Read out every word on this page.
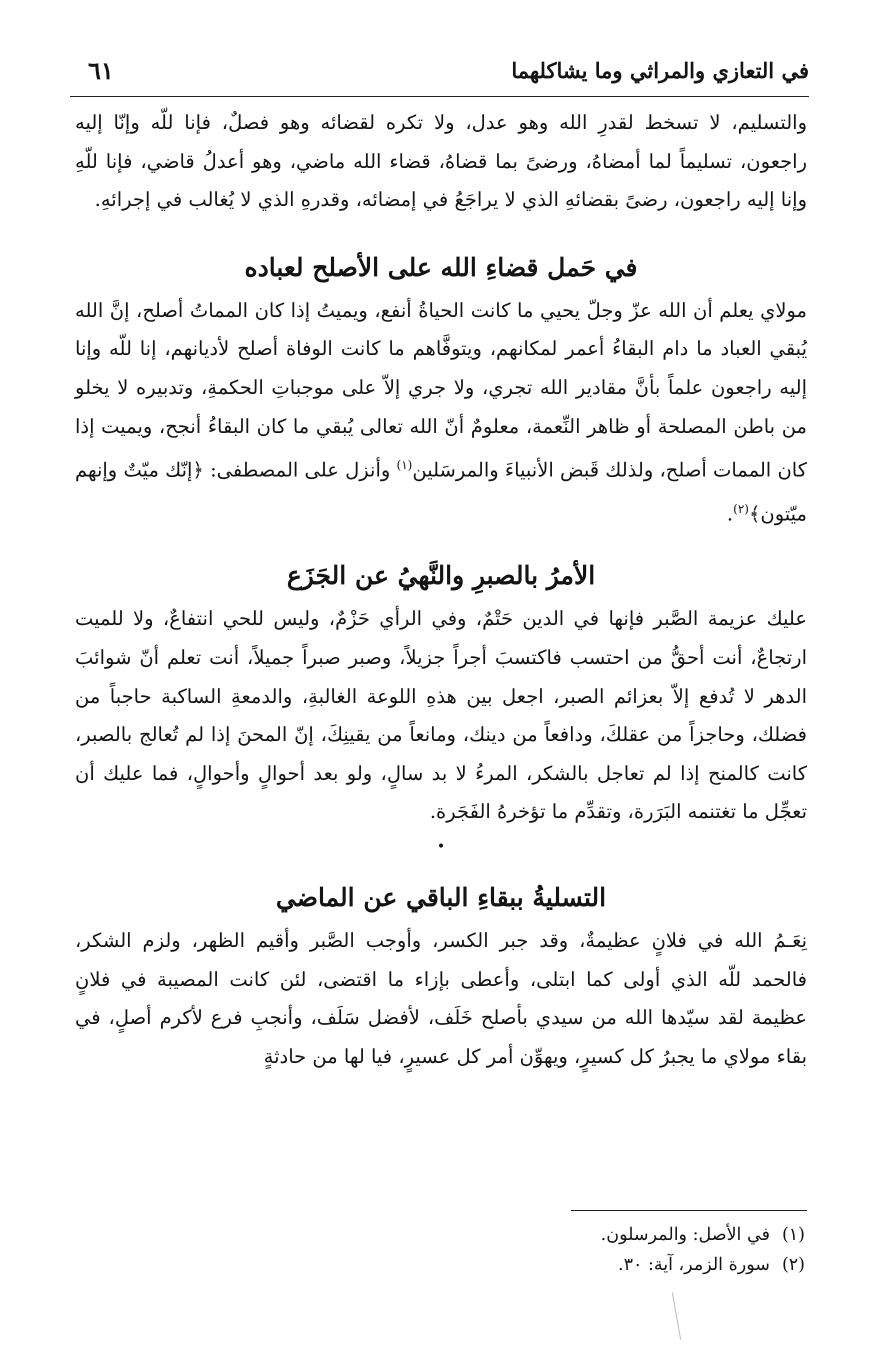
في التعازي والمراثي وما يشاكلهما
٦١

والتسليم، لا تسخط لقدرِ الله وهو عدل، ولا تكره لقضائه وهو فصلٌ، فإنا للّه وإنّا إليه راجعون، تسليماً لما أمضاهُ، ورضىً بما قضاهُ، قضاء الله ماضي، وهو أعدلُ قاضي، فإنا للّهِ وإنا إليه راجعون، رضىً بقضائهِ الذي لا يراجَعُ في إمضائه، وقدرهِ الذي لا يُغالب في إجرائهِ.

في حَمل قضاءِ الله على الأصلح لعباده

مولاي يعلم أن الله عزّ وجلّ يحيي ما كانت الحياةُ أنفع، ويميتُ إذا كان المماتُ أصلح، إنَّ الله يُبقي العباد ما دام البقاءُ أعمر لمكانهم، ويتوفَّاهم ما كانت الوفاة أصلح لأديانهم، إنا للّه وإنا إليه راجعون علماً بأنَّ مقادير الله تجري، ولا جري إلاّ على موجباتِ الحكمةِ، وتدبيره لا يخلو من باطن المصلحة أو ظاهر النِّعمة، معلومٌ أنّ الله تعالى يُبقي ما كان البقاءُ أنجح، ويميت إذا كان الممات أصلح، ولذلك قَبض الأنبياءَ والمرسَلين$^{(١)}$ وأنزل على المصطفى: ﴿إنّك ميّتٌ وإنهم ميّتون﴾$^{(٢)}$.

الأمرُ بالصبرِ والنَّهيُ عن الجَزَع

عليك عزيمة الصَّبر فإنها في الدين حَتْمٌ، وفي الرأي حَزْمٌ، وليس للحي انتفاعٌ، ولا للميت ارتجاعٌ، أنت أحقُّ من احتسب فاكتسبَ أجراً جزيلاً، وصبر صبراً جميلاً، أنت تعلم أنّ شوائبَ الدهر لا تُدفع إلاّ بعزائم الصبر، اجعل بين هذهِ اللوعة الغالبةِ، والدمعةِ الساكبة حاجباً من فضلك، وحاجزاً من عقلكَ، ودافعاً من دينك، ومانعاً من يقينِكَ، إنّ المحنَ إذا لم تُعالج بالصبر، كانت كالمنح إذا لم تعاجل بالشكر، المرءُ لا بد سالٍ، ولو بعد أحوالٍ وأحوالٍ، فما عليك أن تعجِّل ما تغتنمه البَرَرة، وتقدِّم ما تؤخرهُ الفَجَرة.

•
التسليةُ ببقاءِ الباقي عن الماضي

نِعَـمُ الله في فلانٍ عظيمةٌ، وقد جبر الكسر، وأوجب الصَّبر وأقيم الظهر، ولزم الشكر، فالحمد للّه الذي أولى كما ابتلى، وأعطى بإزاء ما اقتضى، لئن كانت المصيبة في فلانٍ عظيمة لقد سيّدها الله من سيدي بأصلح خَلَف، لأفضل سَلَف، وأنجبِ فرع لأكرم أصلٍ، في بقاء مولاي ما يجبرُ كل كسيرٍ، ويهوِّن أمر كل عسيرٍ، فيا لها من حادثةٍ

(١)في الأصل: والمرسلون.
(٢)سورة الزمر، آية: ٣٠.
